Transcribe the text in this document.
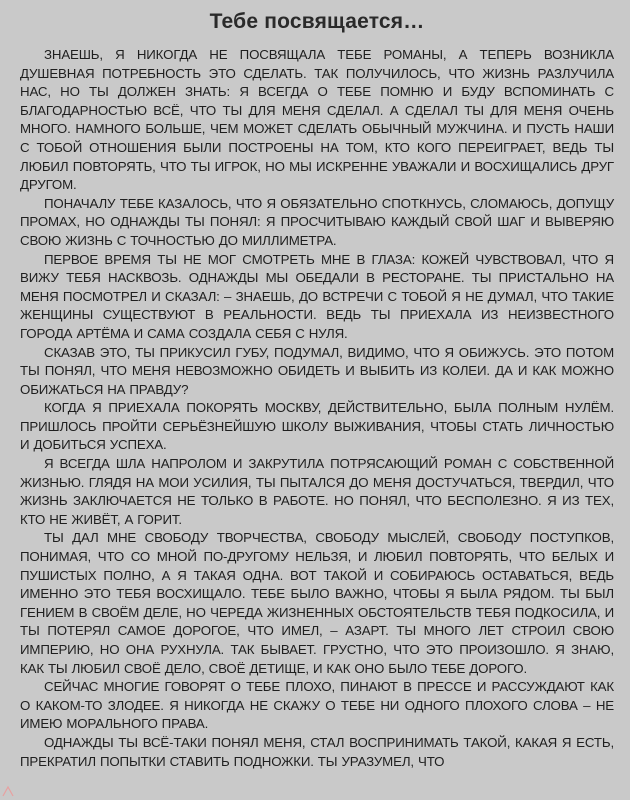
Тебе посвящается…

ЗНАЕШЬ, Я НИКОГДА НЕ ПОСВЯЩАЛА ТЕБЕ РОМАНЫ, А ТЕПЕРЬ ВОЗНИКЛА ДУШЕВНАЯ ПОТРЕБНОСТЬ ЭТО СДЕЛАТЬ. ТАК ПОЛУЧИЛОСЬ, ЧТО ЖИЗНЬ РАЗЛУЧИЛА НАС, НО ТЫ ДОЛЖЕН ЗНАТЬ: Я ВСЕГДА О ТЕБЕ ПОМНЮ И БУДУ ВСПОМИНАТЬ С БЛАГОДАРНОСТЬЮ ВСЁ, ЧТО ТЫ ДЛЯ МЕНЯ СДЕЛАЛ. А СДЕЛАЛ ТЫ ДЛЯ МЕНЯ ОЧЕНЬ МНОГО. НАМНОГО БОЛЬШЕ, ЧЕМ МОЖЕТ СДЕЛАТЬ ОБЫЧНЫЙ МУЖЧИНА. И ПУСТЬ НАШИ С ТОБОЙ ОТНОШЕНИЯ БЫЛИ ПОСТРОЕНЫ НА ТОМ, КТО КОГО ПЕРЕИГРАЕТ, ВЕДЬ ТЫ ЛЮБИЛ ПОВТОРЯТЬ, ЧТО ТЫ ИГРОК, НО МЫ ИСКРЕННЕ УВАЖАЛИ И ВОСХИЩАЛИСЬ ДРУГ ДРУГОМ.

ПОНАЧАЛУ ТЕБЕ КАЗАЛОСЬ, ЧТО Я ОБЯЗАТЕЛЬНО СПОТКНУСЬ, СЛОМАЮСЬ, ДОПУЩУ ПРОМАХ, НО ОДНАЖДЫ ТЫ ПОНЯЛ: Я ПРОСЧИТЫВАЮ КАЖДЫЙ СВОЙ ШАГ И ВЫВЕРЯЮ СВОЮ ЖИЗНЬ С ТОЧНОСТЬЮ ДО МИЛЛИМЕТРА.

ПЕРВОЕ ВРЕМЯ ТЫ НЕ МОГ СМОТРЕТЬ МНЕ В ГЛАЗА: КОЖЕЙ ЧУВСТВОВАЛ, ЧТО Я ВИЖУ ТЕБЯ НАСКВОЗЬ. ОДНАЖДЫ МЫ ОБЕДАЛИ В РЕСТОРАНЕ. ТЫ ПРИСТАЛЬНО НА МЕНЯ ПОСМОТРЕЛ И СКАЗАЛ: – ЗНАЕШЬ, ДО ВСТРЕЧИ С ТОБОЙ Я НЕ ДУМАЛ, ЧТО ТАКИЕ ЖЕНЩИНЫ СУЩЕСТВУЮТ В РЕАЛЬНОСТИ. ВЕДЬ ТЫ ПРИЕХАЛА ИЗ НЕИЗВЕСТНОГО ГОРОДА АРТЁМА И САМА СОЗДАЛА СЕБЯ С НУЛЯ.

СКАЗАВ ЭТО, ТЫ ПРИКУСИЛ ГУБУ, ПОДУМАЛ, ВИДИМО, ЧТО Я ОБИЖУСЬ. ЭТО ПОТОМ ТЫ ПОНЯЛ, ЧТО МЕНЯ НЕВОЗМОЖНО ОБИДЕТЬ И ВЫБИТЬ ИЗ КОЛЕИ. ДА И КАК МОЖНО ОБИЖАТЬСЯ НА ПРАВДУ?

КОГДА Я ПРИЕХАЛА ПОКОРЯТЬ МОСКВУ, ДЕЙСТВИТЕЛЬНО, БЫЛА ПОЛНЫМ НУЛЁМ. ПРИШЛОСЬ ПРОЙТИ СЕРЬЁЗНЕЙШУЮ ШКОЛУ ВЫЖИВАНИЯ, ЧТОБЫ СТАТЬ ЛИЧНОСТЬЮ И ДОБИТЬСЯ УСПЕХА.

Я ВСЕГДА ШЛА НАПРОЛОМ И ЗАКРУТИЛА ПОТРЯСАЮЩИЙ РОМАН С СОБСТВЕННОЙ ЖИЗНЬЮ. ГЛЯДЯ НА МОИ УСИЛИЯ, ТЫ ПЫТАЛСЯ ДО МЕНЯ ДОСТУЧАТЬСЯ, ТВЕРДИЛ, ЧТО ЖИЗНЬ ЗАКЛЮЧАЕТСЯ НЕ ТОЛЬКО В РАБОТЕ. НО ПОНЯЛ, ЧТО БЕСПОЛЕЗНО. Я ИЗ ТЕХ, КТО НЕ ЖИВЁТ, А ГОРИТ.

ТЫ ДАЛ МНЕ СВОБОДУ ТВОРЧЕСТВА, СВОБОДУ МЫСЛЕЙ, СВОБОДУ ПОСТУПКОВ, ПОНИМАЯ, ЧТО СО МНОЙ ПО-ДРУГОМУ НЕЛЬЗЯ, И ЛЮБИЛ ПОВТОРЯТЬ, ЧТО БЕЛЫХ И ПУШИСТЫХ ПОЛНО, А Я ТАКАЯ ОДНА. ВОТ ТАКОЙ И СОБИРАЮСЬ ОСТАВАТЬСЯ, ВЕДЬ ИМЕННО ЭТО ТЕБЯ ВОСХИЩАЛО. ТЕБЕ БЫЛО ВАЖНО, ЧТОБЫ Я БЫЛА РЯДОМ. ТЫ БЫЛ ГЕНИЕМ В СВОЁМ ДЕЛЕ, НО ЧЕРЕДА ЖИЗНЕННЫХ ОБСТОЯТЕЛЬСТВ ТЕБЯ ПОДКОСИЛА, И ТЫ ПОТЕРЯЛ САМОЕ ДОРОГОЕ, ЧТО ИМЕЛ, – АЗАРТ. ТЫ МНОГО ЛЕТ СТРОИЛ СВОЮ ИМПЕРИЮ, НО ОНА РУХНУЛА. ТАК БЫВАЕТ. ГРУСТНО, ЧТО ЭТО ПРОИЗОШЛО. Я ЗНАЮ, КАК ТЫ ЛЮБИЛ СВОЁ ДЕЛО, СВОЁ ДЕТИЩЕ, И КАК ОНО БЫЛО ТЕБЕ ДОРОГО.

СЕЙЧАС МНОГИЕ ГОВОРЯТ О ТЕБЕ ПЛОХО, ПИНАЮТ В ПРЕССЕ И РАССУЖДАЮТ КАК О КАКОМ-ТО ЗЛОДЕЕ. Я НИКОГДА НЕ СКАЖУ О ТЕБЕ НИ ОДНОГО ПЛОХОГО СЛОВА – НЕ ИМЕЮ МОРАЛЬНОГО ПРАВА.

ОДНАЖДЫ ТЫ ВСЁ-ТАКИ ПОНЯЛ МЕНЯ, СТАЛ ВОСПРИНИМАТЬ ТАКОЙ, КАКАЯ Я ЕСТЬ, ПРЕКРАТИЛ ПОПЫТКИ СТАВИТЬ ПОДНОЖКИ. ТЫ УРАЗУМЕЛ, ЧТО
